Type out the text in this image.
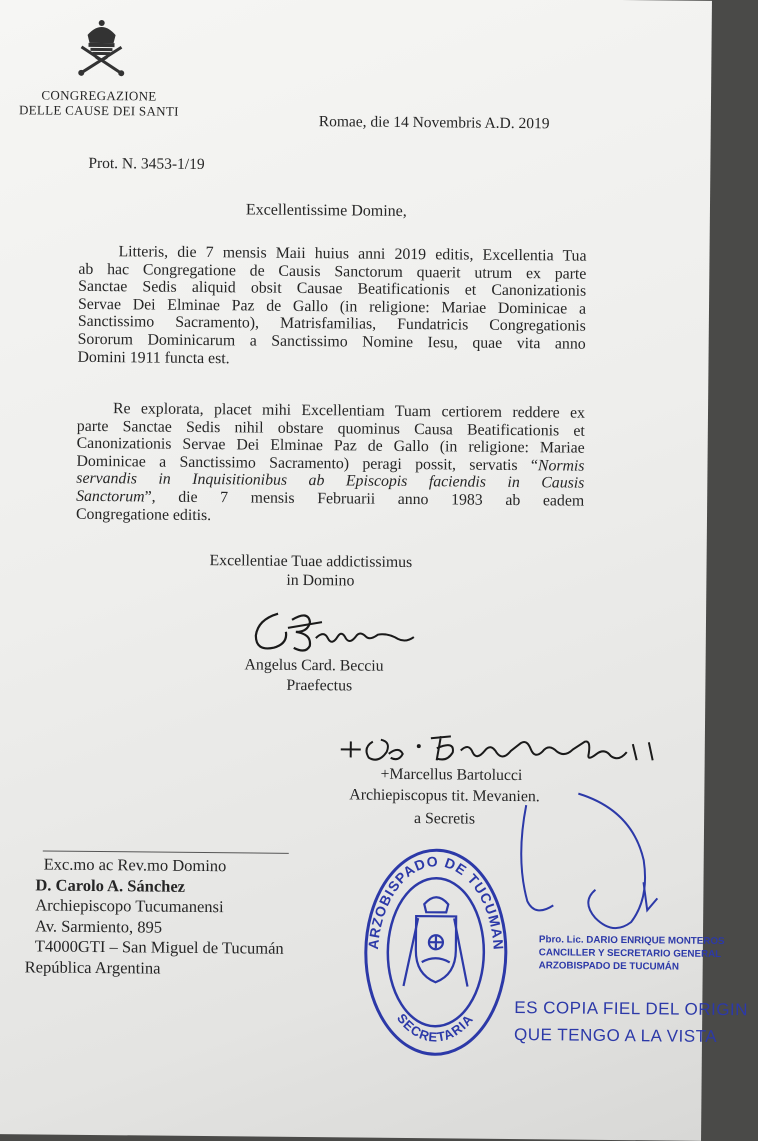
CONGREGAZIONE
DELLE CAUSE DEI SANTI
Romae, die 14 Novembris A.D. 2019
Prot. N. 3453-1/19
Excellentissime Domine,
Litteris, die 7 mensis Maii huius anni 2019 editis, Excellentia Tua
ab hac Congregatione de Causis Sanctorum quaerit utrum ex parte
Sanctae Sedis aliquid obsit Causae Beatificationis et Canonizationis
Servae Dei Elminae Paz de Gallo (in religione: Mariae Dominicae a
Sanctissimo Sacramento), Matrisfamilias, Fundatricis Congregationis
Sororum Dominicarum a Sanctissimo Nomine Iesu, quae vita anno
Domini 1911 functa est.
Re explorata, placet mihi Excellentiam Tuam certiorem reddere ex
parte Sanctae Sedis nihil obstare quominus Causa Beatificationis et
Canonizationis Servae Dei Elminae Paz de Gallo (in religione: Mariae
Dominicae a Sanctissimo Sacramento) peragi possit, servatis “Normis
servandis in Inquisitionibus ab Episcopis faciendis in Causis
Sanctorum”, die 7 mensis Februarii anno 1983 ab eadem
Congregatione editis.
Excellentiae Tuae addictissimus
in Domino
Angelus Card. Becciu
Praefectus
+Marcellus Bartolucci
Archiepiscopus tit. Mevanien.
a Secretis
Exc.mo ac Rev.mo Domino
D. Carolo A. Sánchez
Archiepiscopo Tucumanensi
Av. Sarmiento, 895
T4000GTI – San Miguel de Tucumán
República Argentina
ARZOBISPADO DE TUCUMAN
SECRETARIA
Pbro. Lic. DARIO ENRIQUE MONTEROS
CANCILLER Y SECRETARIO GENERAL
ARZOBISPADO DE TUCUMÁN
ES COPIA FIEL DEL ORIGIN
QUE TENGO A LA VISTA
